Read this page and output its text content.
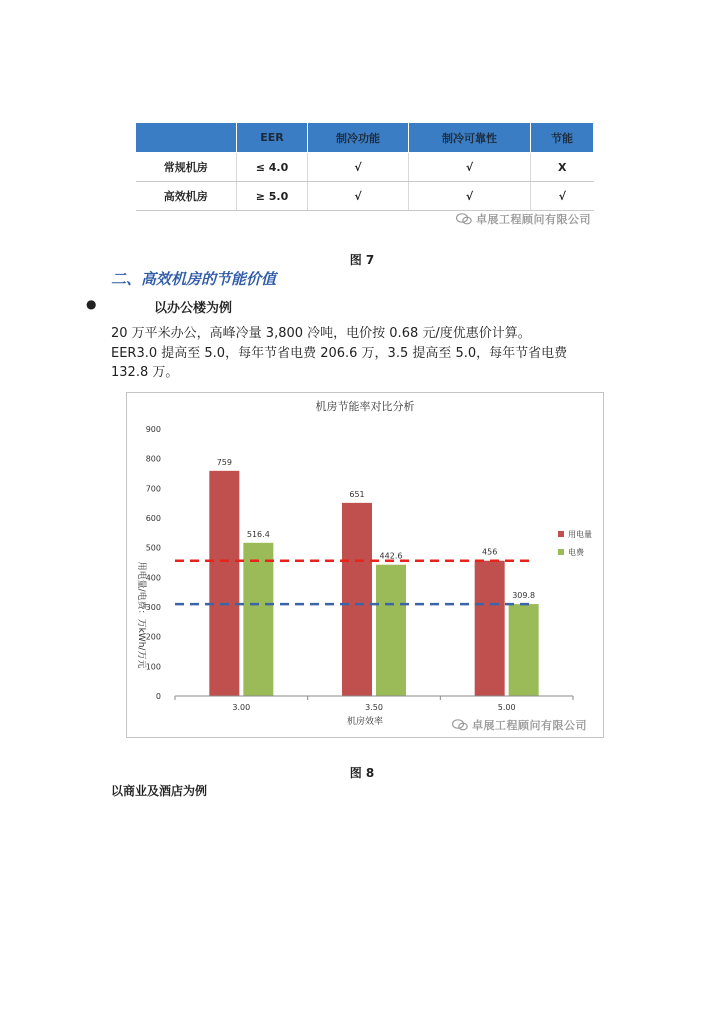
	EER	制冷功能	制冷可靠性	节能
常规机房	≤ 4.0	√	√	X
高效机房	≥ 5.0	√	√	√
卓展工程顾问有限公司
图 7
二、高效机房的节能价值
●	以办公楼为例
20 万平米办公，高峰冷量 3,800 冷吨，电价按 0.68 元/度优惠价计算。
EER3.0 提高至 5.0，每年节省电费 206.6 万，3.5 提高至 5.0，每年节省电费
132.8 万。
机房节能率对比分析
用电量/电费：万kWh/万元
机房效率
0
100
200
300
400
500
600
700
800
900
3.00	3.50	5.00
759
516.4
651
442.6	456
309.8
用电量
电费
卓展工程顾问有限公司
图 8
以商业及酒店为例
